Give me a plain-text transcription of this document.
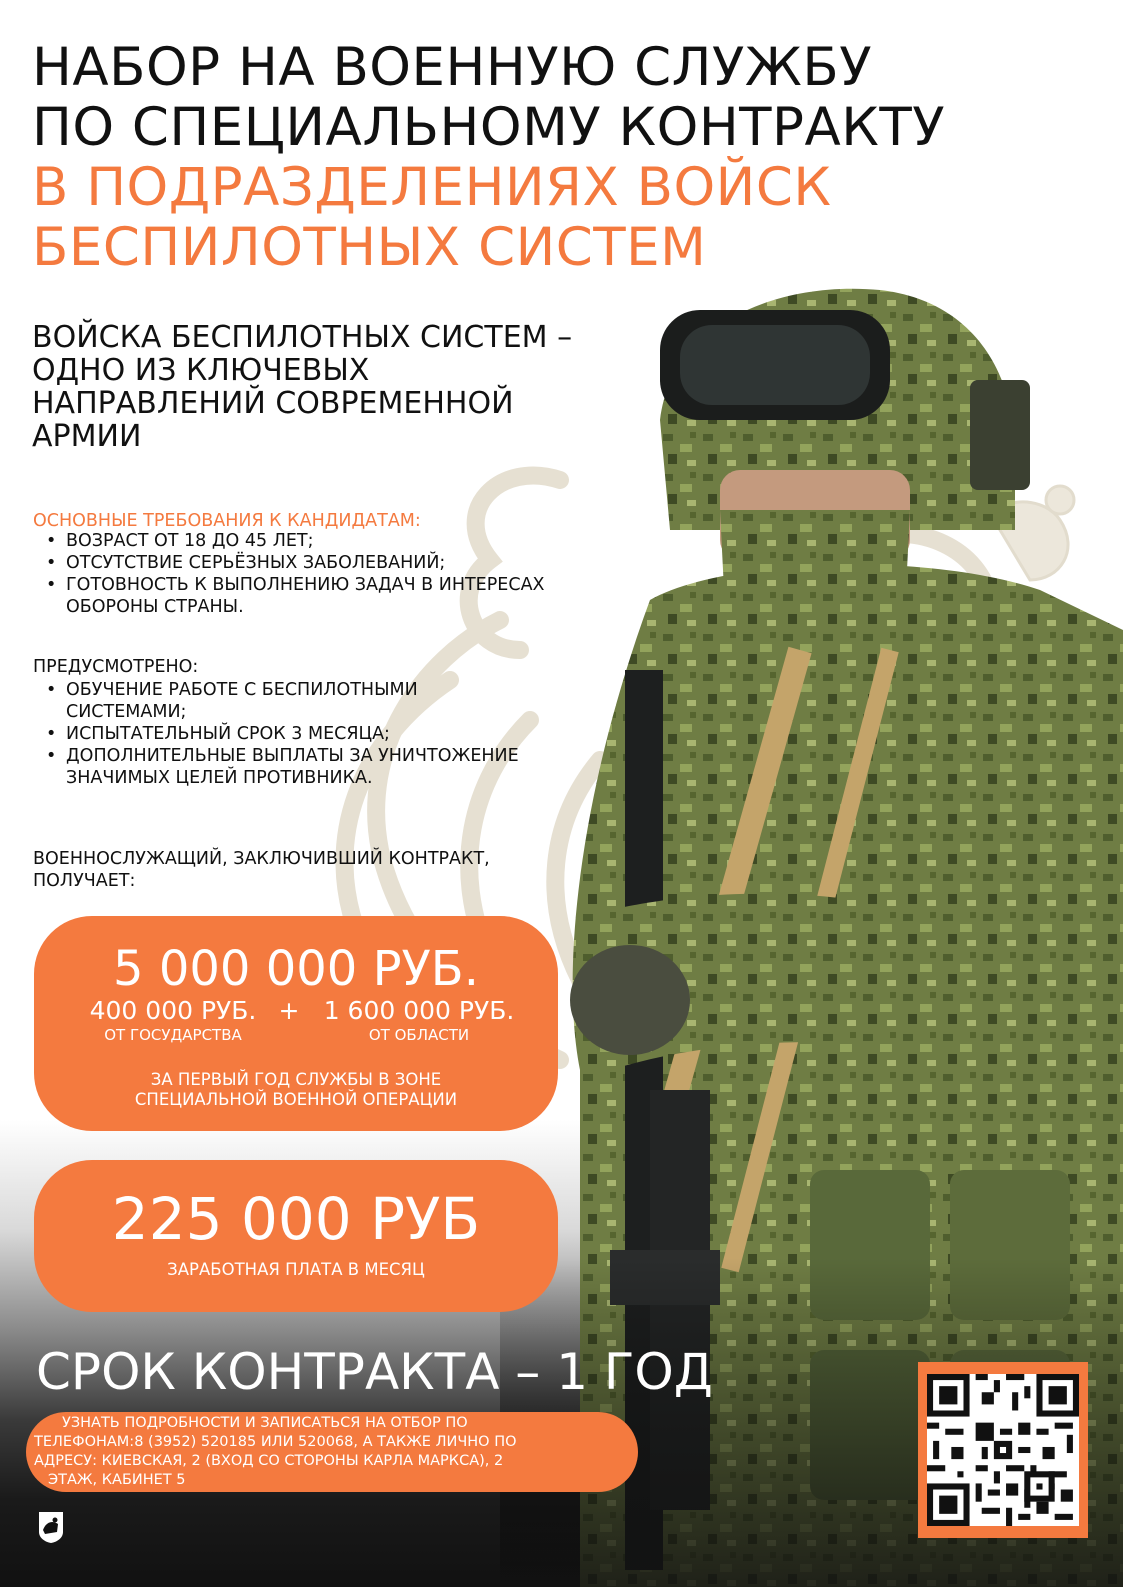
НАБОР НА ВОЕННУЮ СЛУЖБУ
ПО СПЕЦИАЛЬНОМУ КОНТРАКТУ
В ПОДРАЗДЕЛЕНИЯХ ВОЙСК
БЕСПИЛОТНЫХ СИСТЕМ
ВОЙСКА БЕСПИЛОТНЫХ СИСТЕМ –
ОДНО ИЗ КЛЮЧЕВЫХ
НАПРАВЛЕНИЙ СОВРЕМЕННОЙ
АРМИИ
ОСНОВНЫЕ ТРЕБОВАНИЯ К КАНДИДАТАМ:
• ВОЗРАСТ ОТ 18 ДО 45 ЛЕТ;
• ОТСУТСТВИЕ СЕРЬЁЗНЫХ ЗАБОЛЕВАНИЙ;
• ГОТОВНОСТЬ К ВЫПОЛНЕНИЮ ЗАДАЧ В ИНТЕРЕСАХ
ОБОРОНЫ СТРАНЫ.
ПРЕДУСМОТРЕНО:
• ОБУЧЕНИЕ РАБОТЕ С БЕСПИЛОТНЫМИ
СИСТЕМАМИ;
• ИСПЫТАТЕЛЬНЫЙ СРОК 3 МЕСЯЦА;
• ДОПОЛНИТЕЛЬНЫЕ ВЫПЛАТЫ ЗА УНИЧТОЖЕНИЕ
ЗНАЧИМЫХ ЦЕЛЕЙ ПРОТИВНИКА.
ВОЕННОСЛУЖАЩИЙ, ЗАКЛЮЧИВШИЙ КОНТРАКТ,
ПОЛУЧАЕТ:
5 000 000 РУБ.
400 000 РУБ. + 1 600 000 РУБ.
ОТ ГОСУДАРСТВА	ОТ ОБЛАСТИ
ЗА ПЕРВЫЙ ГОД СЛУЖБЫ В ЗОНЕ
СПЕЦИАЛЬНОЙ ВОЕННОЙ ОПЕРАЦИИ
225 000 РУБ
ЗАРАБОТНАЯ ПЛАТА В МЕСЯЦ
СРОК КОНТРАКТА – 1 ГОД
УЗНАТЬ ПОДРОБНОСТИ И ЗАПИСАТЬСЯ НА ОТБОР ПО
ТЕЛЕФОНАМ:8 (3952) 520185 ИЛИ 520068, А ТАКЖЕ ЛИЧНО ПО
АДРЕСУ: КИЕВСКАЯ, 2 (ВХОД СО СТОРОНЫ КАРЛА МАРКСА), 2
ЭТАЖ, КАБИНЕТ 5
